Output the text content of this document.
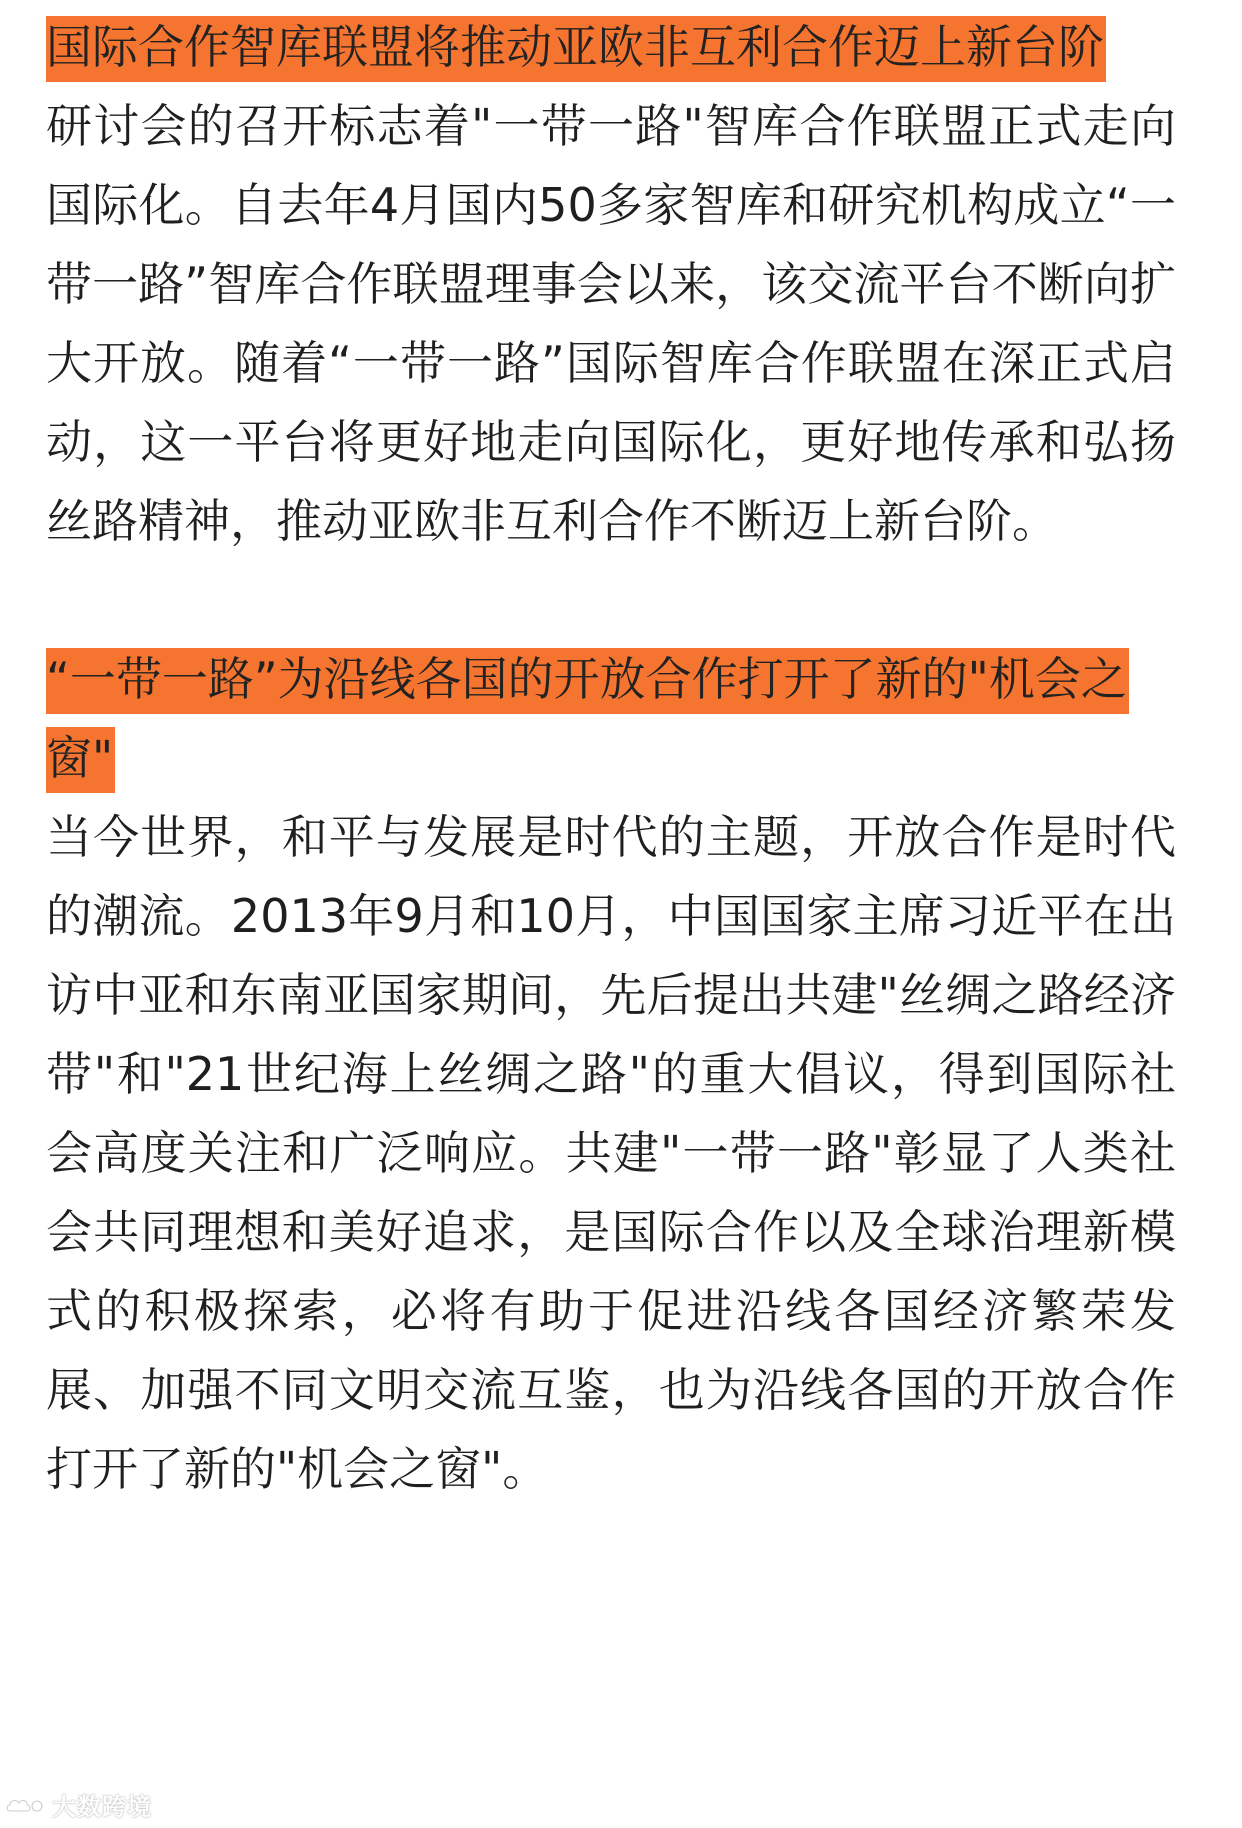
国际合作智库联盟将推动亚欧非互利合作迈上新台阶

研讨会的召开标志着"一带一路"智库合作联盟正式走向国际化。自去年4月国内50多家智库和研究机构成立“一带一路”智库合作联盟理事会以来，该交流平台不断向扩大开放。随着“一带一路”国际智库合作联盟在深正式启动，这一平台将更好地走向国际化，更好地传承和弘扬丝路精神，推动亚欧非互利合作不断迈上新台阶。

“一带一路”为沿线各国的开放合作打开了新的"机会之窗"

当今世界，和平与发展是时代的主题，开放合作是时代的潮流。2013年9月和10月，中国国家主席习近平在出访中亚和东南亚国家期间，先后提出共建"丝绸之路经济带"和"21世纪海上丝绸之路"的重大倡议，得到国际社会高度关注和广泛响应。共建"一带一路"彰显了人类社会共同理想和美好追求，是国际合作以及全球治理新模式的积极探索，必将有助于促进沿线各国经济繁荣发展、加强不同文明交流互鉴，也为沿线各国的开放合作打开了新的"机会之窗"。

大数跨境
